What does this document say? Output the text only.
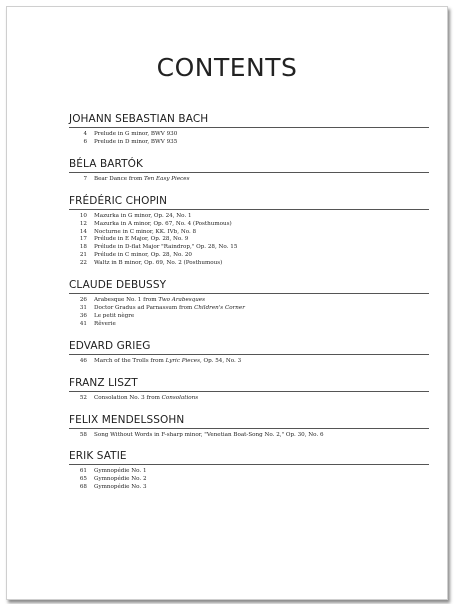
CONTENTS
JOHANN SEBASTIAN BACH
4 Prelude in G minor, BWV 930
6 Prelude in D minor, BWV 935
BÉLA BARTÓK
7 Bear Dance from Ten Easy Pieces
FRÉDÉRIC CHOPIN
10 Mazurka in G minor, Op. 24, No. 1
12 Mazurka in A minor, Op. 67, No. 4 (Posthumous)
14 Nocturne in C minor, KK. IVb, No. 8
17 Prélude in E Major, Op. 28, No. 9
18 Prélude in D-flat Major "Raindrop," Op. 28, No. 15
21 Prélude in C minor, Op. 28, No. 20
22 Waltz in B minor, Op. 69, No. 2 (Posthumous)
CLAUDE DEBUSSY
26 Arabesque No. 1 from Two Arabesques
31 Doctor Gradus ad Parnassum from Children's Corner
36 Le petit nègre
41 Rêverie
EDVARD GRIEG
46 March of the Trolls from Lyric Pieces, Op. 54, No. 3
FRANZ LISZT
52 Consolation No. 3 from Consolations
FELIX MENDELSSOHN
58 Song Without Words in F-sharp minor, "Venetian Boat-Song No. 2," Op. 30, No. 6
ERIK SATIE
61 Gymnopédie No. 1
65 Gymnopédie No. 2
68 Gymnopédie No. 3
